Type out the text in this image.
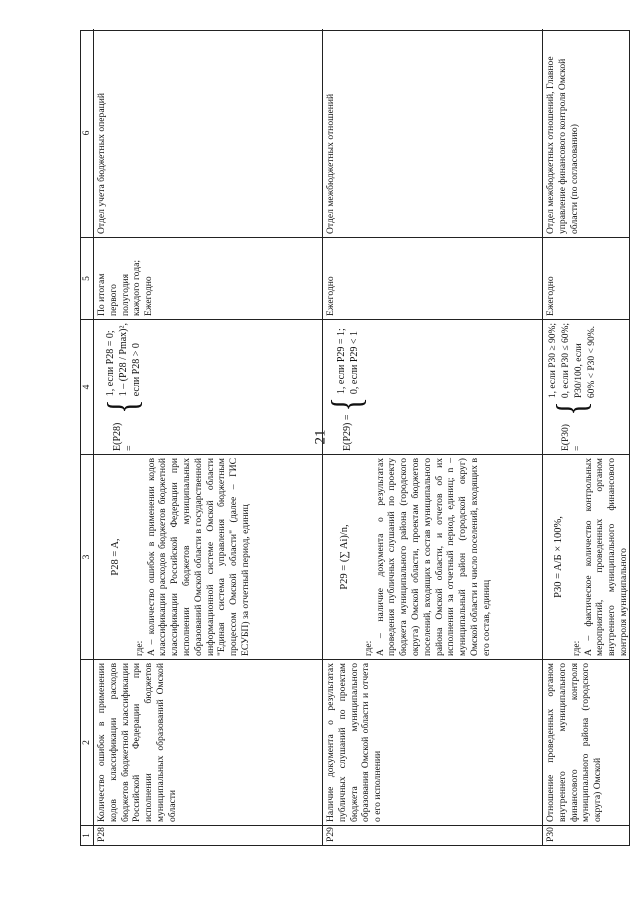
21
1
2
3
4
5
6
P28
Количество ошибок в применении кодов классификации расходов бюджетов бюджетной классификации Российской Федерации при исполнении бюджетов муниципальных образований Омской области
P28 = A,
где: A – количество ошибок в применении кодов классификации расходов бюджетов бюджетной классификации Российской Федерации при исполнении бюджетов муниципальных образований Омской области в государственной информационной системе Омской области "Единая система управления бюджетным процессом Омской области" (далее – ГИС ЕСУБП) за отчетный период, единиц

E(P28) =
{
1, если P28 = 0; 1 – (P28 / Pmax)², если P28 > 0
По итогам первого полугодия каждого года; Ежегодно
Отдел учета бюджетных операций
P29
Наличие документа о результатах публичных слушаний по проектам бюджета муниципального образования Омской области и отчета о его исполнении
P29 = (∑ Ai)/n,
где: A – наличие документа о результатах проведения публичных слушаний по проекту бюджета муниципального района (городского округа) Омской области, проектам бюджетов поселений, входящих в состав муниципального района Омской области, и отчетов об их исполнении за отчетный период, единиц; n – муниципальный район (городской округ) Омской области и число поселений, входящих в его состав, единиц

E(P29) =
{
1, если P29 = 1; 0, если P29 < 1
Ежегодно
Отдел межбюджетных отношений
P30
Отношение проведенных органом внутреннего муниципального финансового контроля муниципального района (городского округа) Омской
P30 = A/Б × 100%,
где: A – фактическое количество контрольных мероприятий, проведенных органом внутреннего муниципального финансового контроля муниципального

E(P30) =
{
1, если P30 ≥ 90%; 0, если P30 ≤ 60%; P30/100, если 60% < P30 < 90%.
Ежегодно
Отдел межбюджетных отношений, Главное управление финансового контроля Омской области (по согласованию)
